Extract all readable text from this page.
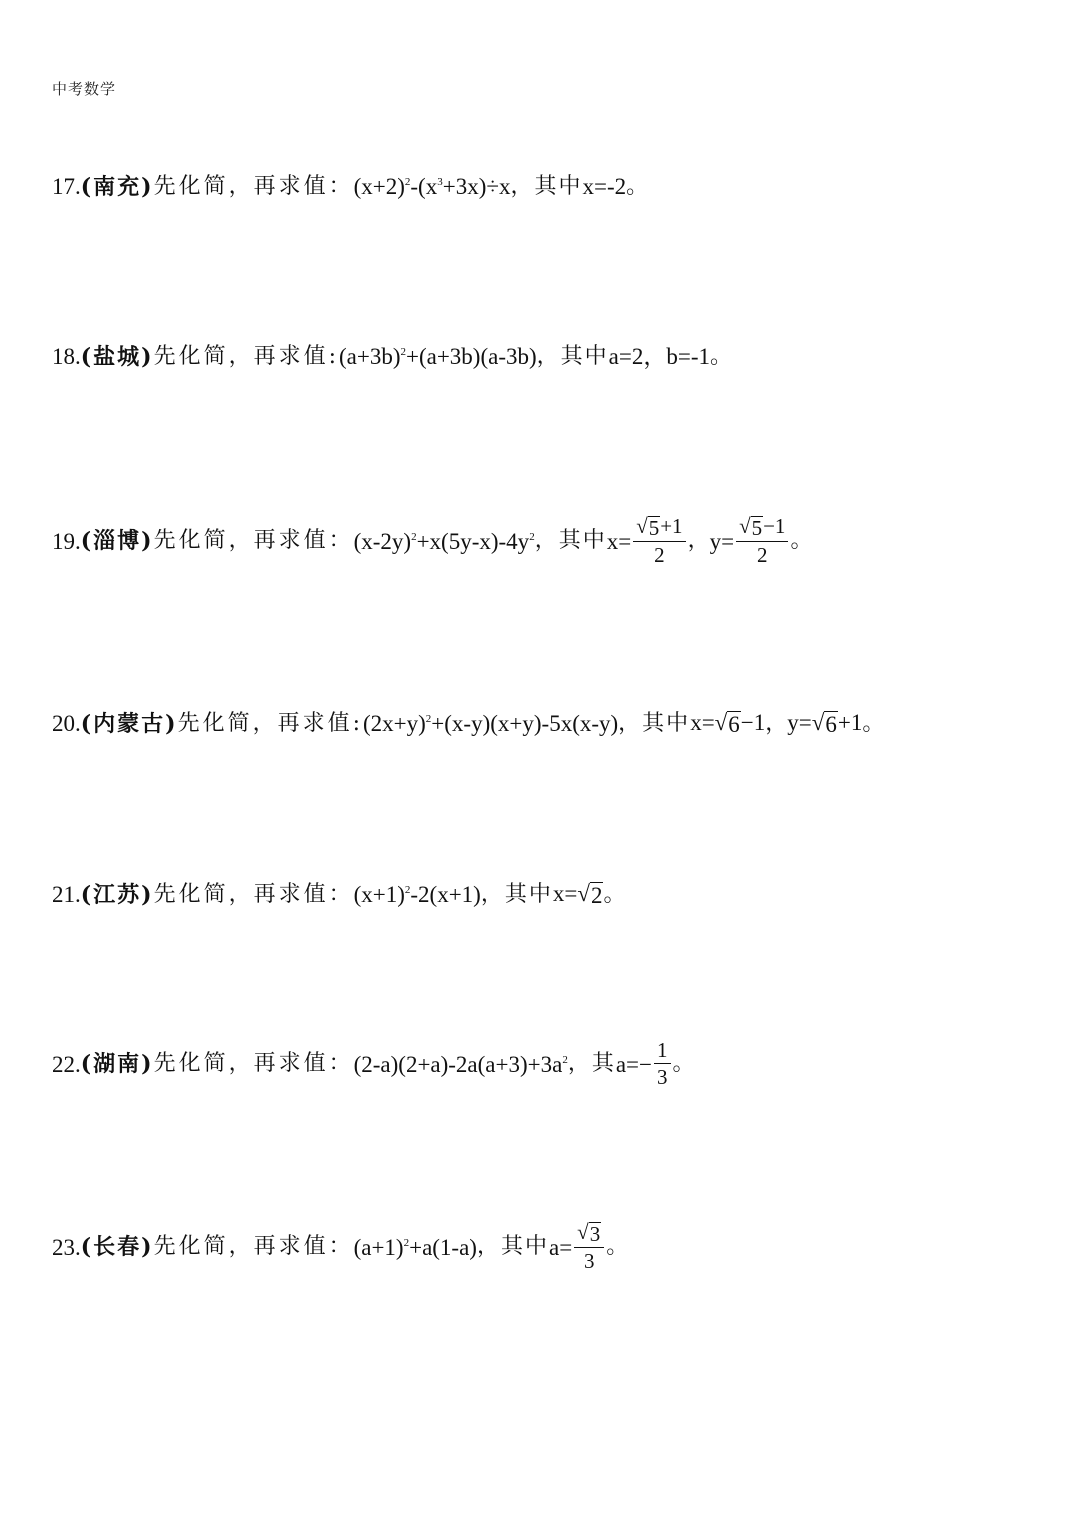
中考数学
17. (南充) 先化简，再求值： $(x+2)^2-(x^3+3x)\div x$ ，其中 x=-2 。
18. (盐城) 先化简，再求值: $(a+3b)^2+(a+3b)(a-3b)$ ，其中 a=2，b=-1 。
19. (淄博) 先化简，再求值： $(x-2y)^2+x(5y-x)-4y^2$ ，其中 $x= \frac{√ 5 +1}{2}$ ， $y= \frac{√ 5 -1}{2}$ 。
20. (内蒙古) 先化简，再求值: $(2x+y)^2+(x-y)(x+y)-5x(x-y)$ ，其中 x= √ 6 −1 ， y= √ 6 +1 。
21. (江苏) 先化简，再求值： $(x+1)^2-2(x+1)$ ，其中 x= √ 2 。
22. (湖南) 先化简，再求值： $(2-a)(2+a)-2a(a+3)+3a^2$ ，其 $a=- \frac{1}{3}$ 。
23. (长春) 先化简，再求值： $(a+1)^2+a(1-a)$ ，其中 $a= \frac{√ 3}{3}$ 。
